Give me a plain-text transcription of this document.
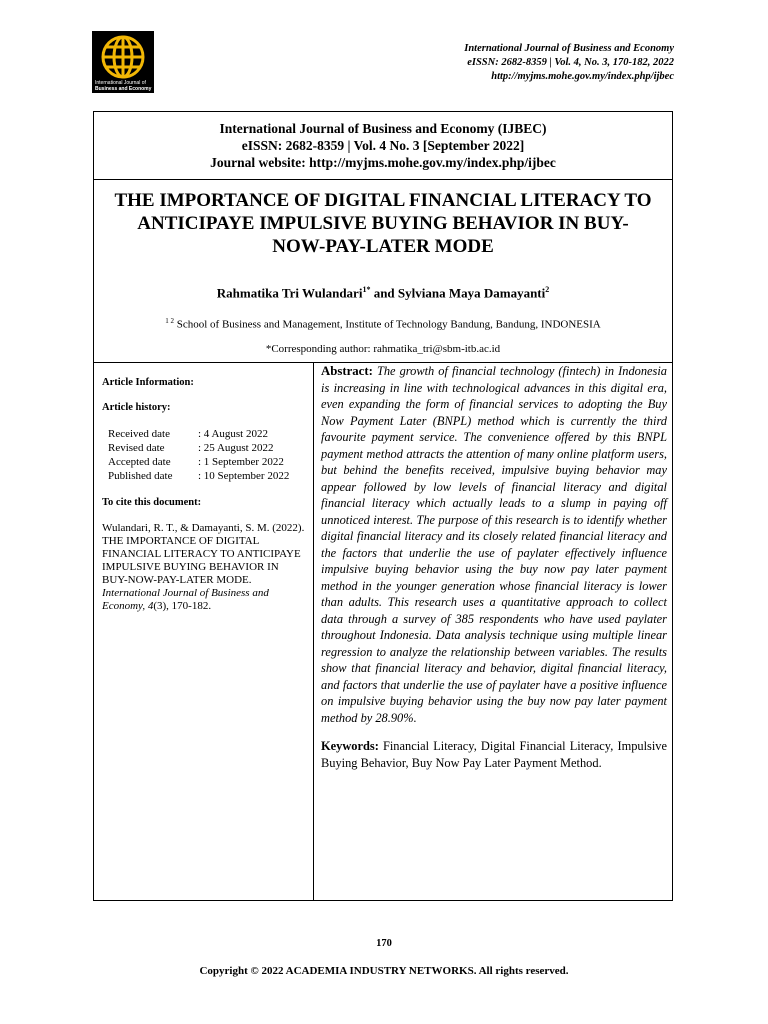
International Journal of
Business and Economy
International Journal of Business and Economy
eISSN: 2682-8359 | Vol. 4, No. 3, 170-182, 2022
http://myjms.mohe.gov.my/index.php/ijbec
International Journal of Business and Economy (IJBEC)
eISSN: 2682-8359 | Vol. 4 No. 3 [September 2022]
Journal website: http://myjms.mohe.gov.my/index.php/ijbec
THE IMPORTANCE OF DIGITAL FINANCIAL LITERACY TO ANTICIPAYE IMPULSIVE BUYING BEHAVIOR IN BUY-NOW-PAY-LATER MODE
Rahmatika Tri Wulandari$^{1*}$ and Sylviana Maya Damayanti$^2$
$^{1 2}$ School of Business and Management, Institute of Technology Bandung, Bandung, INDONESIA
*Corresponding author: rahmatika_tri@sbm-itb.ac.id
Article Information:
Article history:
Received date	: 4 August 2022
Revised date	: 25 August 2022
Accepted date	: 1 September 2022
Published date	: 10 September 2022
To cite this document:
Wulandari, R. T., & Damayanti, S. M. (2022). THE IMPORTANCE OF DIGITAL FINANCIAL LITERACY TO ANTICIPAYE IMPULSIVE BUYING BEHAVIOR IN BUY-NOW-PAY-LATER MODE. International Journal of Business and Economy, 4(3), 170-182.
Abstract: The growth of financial technology (fintech) in Indonesia is increasing in line with technological advances in this digital era, even expanding the form of financial services to adopting the Buy Now Payment Later (BNPL) method which is currently the third favourite payment service. The convenience offered by this BNPL payment method attracts the attention of many online platform users, but behind the benefits received, impulsive buying behavior may appear followed by low levels of financial literacy and digital financial literacy which actually leads to a slump in paying off unnoticed interest. The purpose of this research is to identify whether digital financial literacy and its closely related financial literacy and the factors that underlie the use of paylater effectively influence impulsive buying behavior using the buy now pay later payment method in the younger generation whose financial literacy is lower than adults. This research uses a quantitative approach to collect data through a survey of 385 respondents who have used paylater throughout Indonesia. Data analysis technique using multiple linear regression to analyze the relationship between variables. The results show that financial literacy and behavior, digital financial literacy, and factors that underlie the use of paylater have a positive influence on impulsive buying behavior using the buy now pay later payment method by 28.90%.
Keywords: Financial Literacy, Digital Financial Literacy, Impulsive Buying Behavior, Buy Now Pay Later Payment Method.
170
Copyright © 2022 ACADEMIA INDUSTRY NETWORKS. All rights reserved.
